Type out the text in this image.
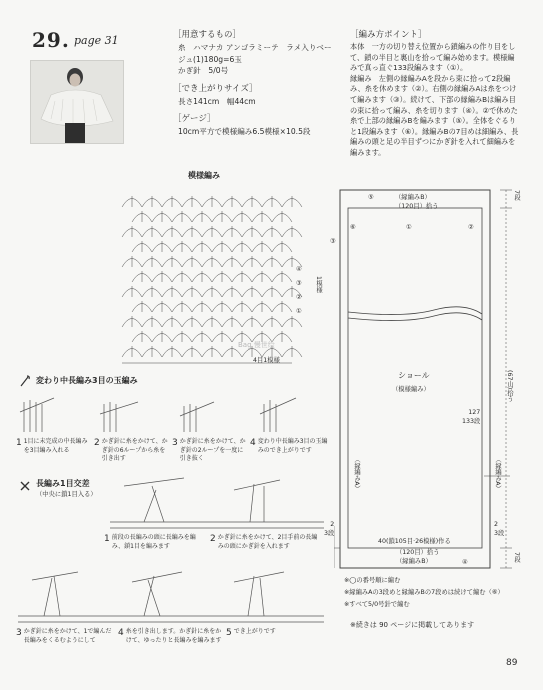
29. page 31	［用意するもの］
糸　ハマナカ アンゴラミーテ　ラメ入りベージュ(1)180g=6玉
かぎ針　5/0号
［でき上がりサイズ］
長さ141cm　幅44cm
［ゲージ］
10cm平方で模様編み6.5模様×10.5段
［編み方ポイント］
本体　一方の切り替え位置から鎖編みの作り目をして、鎖の半目と裏山を拾って編み始めます。模様編みで真っ直ぐ133段編みます（①）。
縁編み　左側の縁編みAを段から束に拾って2段編み、糸を休めます（②）。右側の縁編みAは糸をつけて編みます（③）。続けて、下部の縁編みBは編み目の束に拾って編み、糸を切ります（④）。②で休めた糸で上部の縁編みBを編みます（⑤）。全体をぐるりと1段編みます（⑥）。縁編みBの7目めは細編み、長編みの頭と足の半目ずつにかぎ針を入れて細編みを編みます。
模様編み
④
③
②
①
1模様
4目1模様
Bag 慢世绘
変わり中長編み3目の玉編み
1 1目に未完成の中長編みを3目編み入れる
2 かぎ針に糸をかけて、かぎ針の6ループから糸を引き出す
3 かぎ針に糸をかけて、かぎ針の2ループを一度に引き抜く
4 変わり中長編み3目の玉編みのでき上がりです
長編み1目交差
（中央に鎖1目入る）
1 前段の長編みの頭に長編みを編み、鎖1目を編みます
2 かぎ針に糸をかけて、2目手前の長編みの頭にかぎ針を入れます
3 かぎ針に糸をかけて、1で編んだ長編みをくるむようにして
4 糸を引き出します。かぎ針に糸をかけて、ゆったりと長編みを編みます
5 でき上がりです
（縁編みB）
（120目）拾う
⑤
⑥	①	②
③
④
ショール
（模様編み）
（縁編みA）	（縁編みA）
127
133段
(67山)拾う
7段
7段
2
3段
2
3段
40(鎖105目·26模様)作る
（120目）拾う
（縁編みB）
※◯の番号順に編む
※縁編みAの3段めと縁編みBの7段めは続けて編む（⑥）
※すべて5/0号針で編む
※続きは 90 ページに掲載してあります
89
